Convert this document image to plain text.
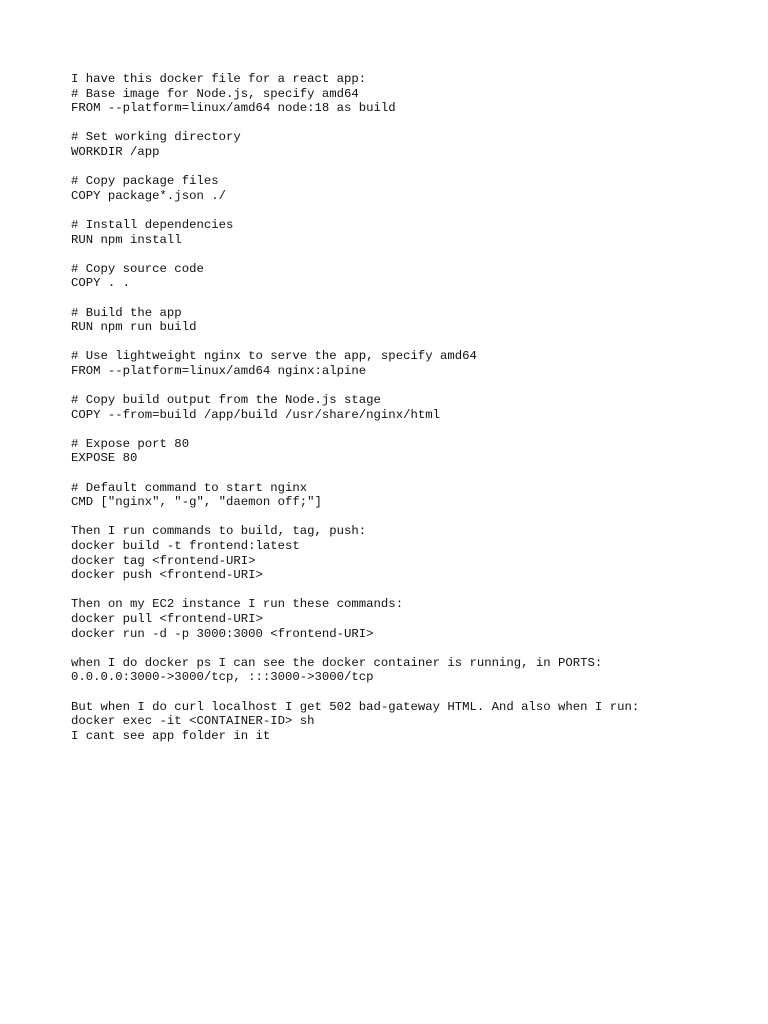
I have this docker file for a react app:
# Base image for Node.js, specify amd64
FROM --platform=linux/amd64 node:18 as build
# Set working directory
WORKDIR /app
# Copy package files
COPY package*.json ./
# Install dependencies
RUN npm install
# Copy source code
COPY . .
# Build the app
RUN npm run build
# Use lightweight nginx to serve the app, specify amd64
FROM --platform=linux/amd64 nginx:alpine
# Copy build output from the Node.js stage
COPY --from=build /app/build /usr/share/nginx/html
# Expose port 80
EXPOSE 80
# Default command to start nginx
CMD ["nginx", "-g", "daemon off;"]
Then I run commands to build, tag, push:
docker build -t frontend:latest
docker tag <frontend-URI>
docker push <frontend-URI>
Then on my EC2 instance I run these commands:
docker pull <frontend-URI>
docker run -d -p 3000:3000 <frontend-URI>
when I do docker ps I can see the docker container is running, in PORTS:
0.0.0.0:3000->3000/tcp, :::3000->3000/tcp
But when I do curl localhost I get 502 bad-gateway HTML. And also when I run:
docker exec -it <CONTAINER-ID> sh
I cant see app folder in it
